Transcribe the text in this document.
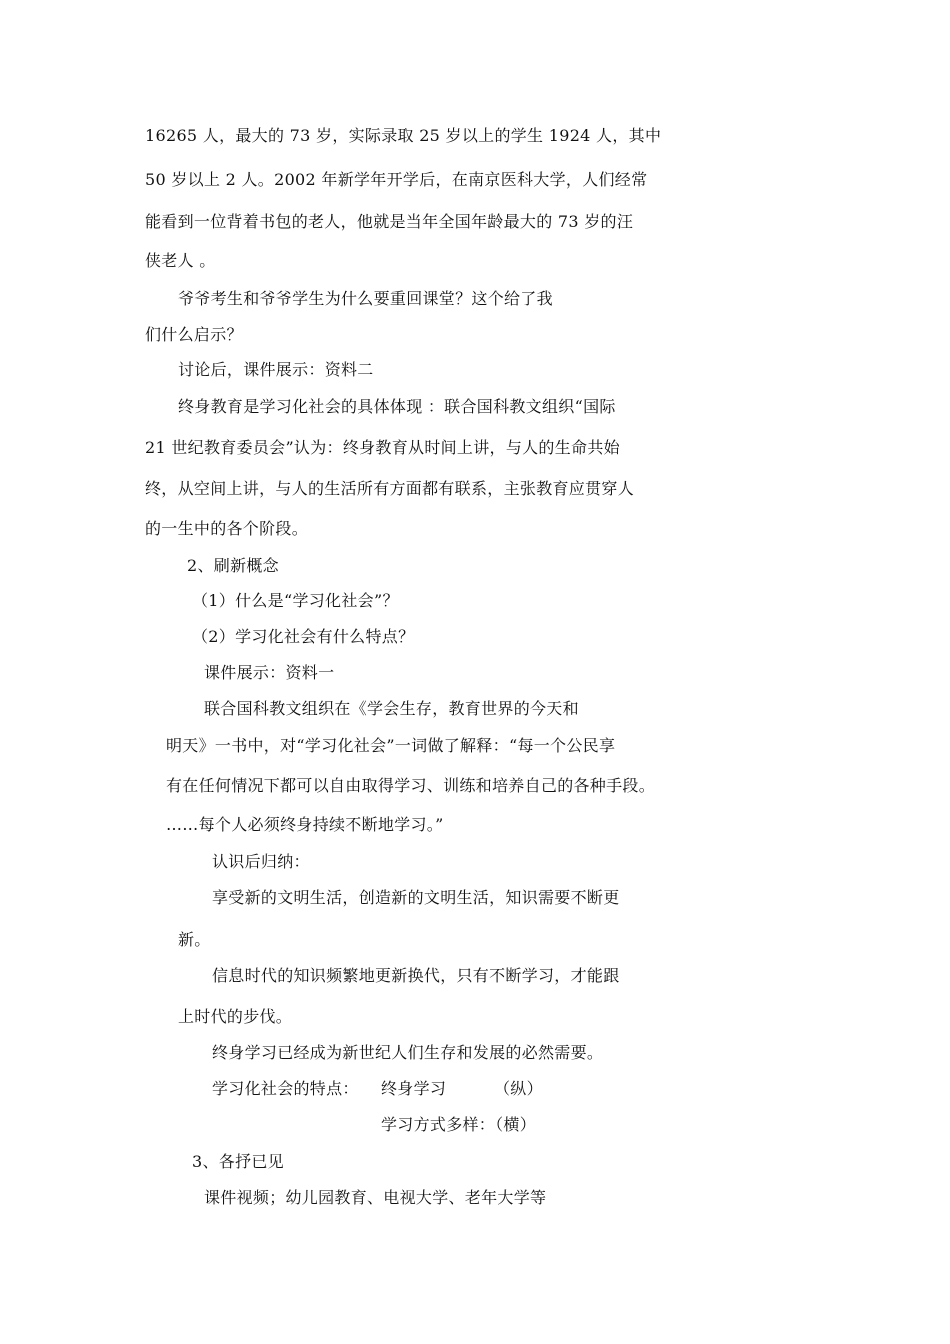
16265 人，最大的 73 岁，实际录取 25 岁以上的学生 1924 人，其中
50 岁以上 2 人。2002 年新学年开学后，在南京医科大学，人们经常
能看到一位背着书包的老人，他就是当年全国年龄最大的 73 岁的汪
侠老人 。
爷爷考生和爷爷学生为什么要重回课堂？这个给了我
们什么启示？
讨论后，课件展示：资料二
终身教育是学习化社会的具体体现 ：联合国科教文组织“国际
21 世纪教育委员会”认为：终身教育从时间上讲，与人的生命共始
终，从空间上讲，与人的生活所有方面都有联系，主张教育应贯穿人
的一生中的各个阶段。
2、刷新概念
（1）什么是“学习化社会”？
（2）学习化社会有什么特点？
课件展示：资料一
联合国科教文组织在《学会生存，教育世界的今天和
明天》一书中，对“学习化社会”一词做了解释：“每一个公民享
有在任何情况下都可以自由取得学习、训练和培养自己的各种手段。
……每个人必须终身持续不断地学习。”
认识后归纳：
享受新的文明生活，创造新的文明生活，知识需要不断更
新。
信息时代的知识频繁地更新换代，只有不断学习，才能跟
上时代的步伐。
终身学习已经成为新世纪人们生存和发展的必然需要。
学习化社会的特点： 终身学习	（纵）
学习方式多样：（横）
3、各抒已见
课件视频；幼儿园教育、电视大学、老年大学等
